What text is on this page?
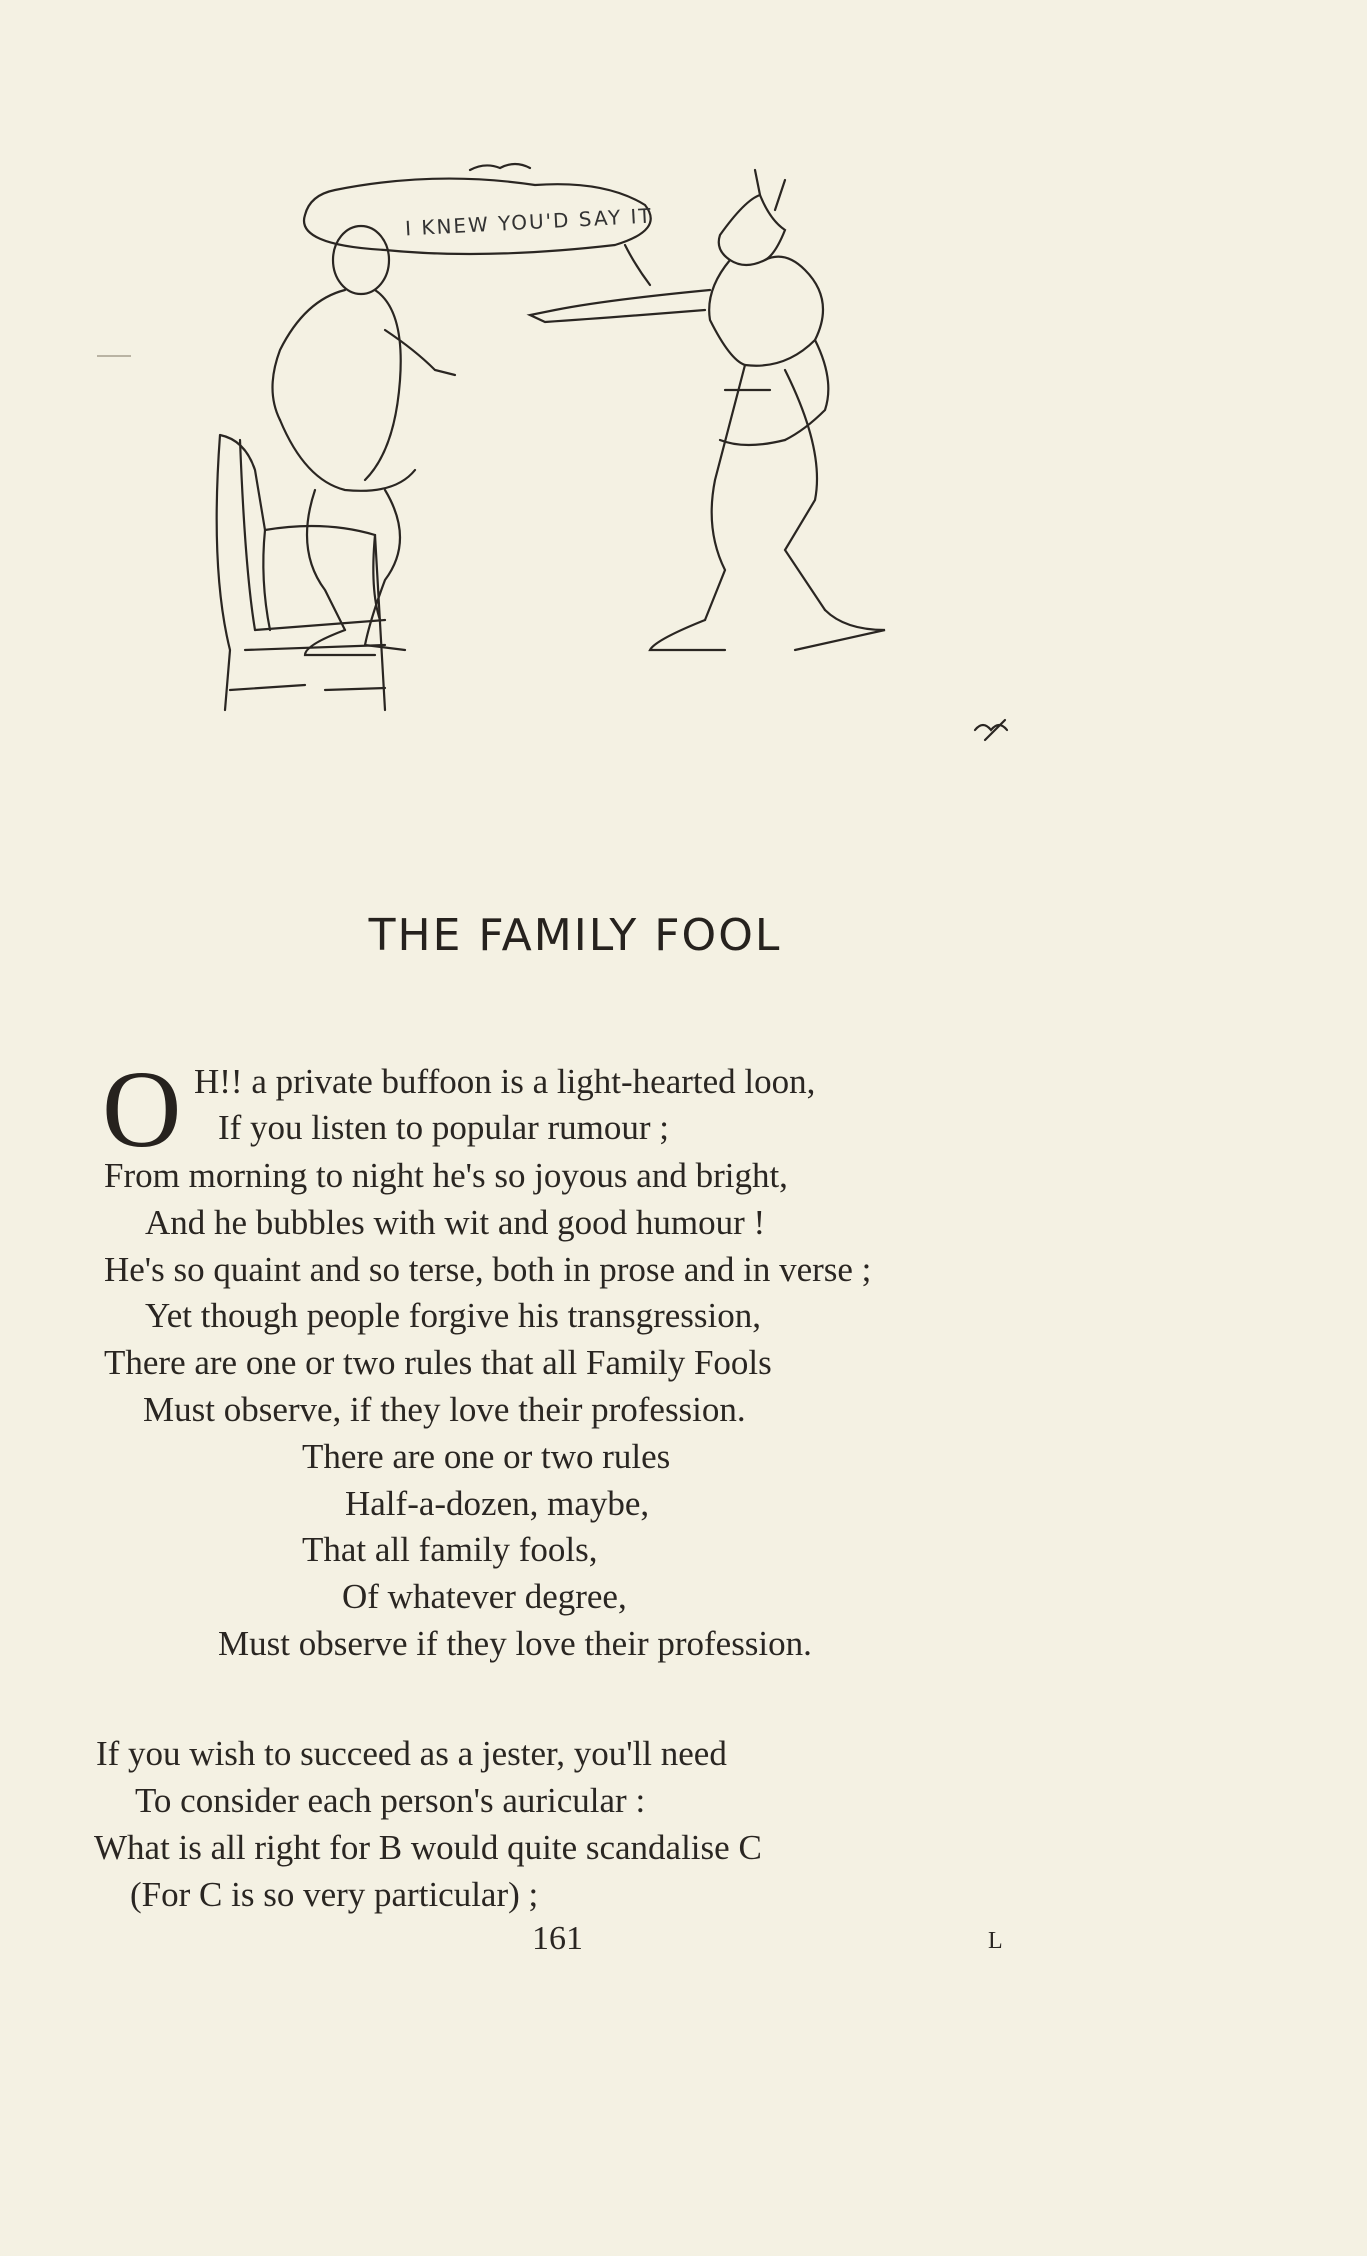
I KNEW YOU'D SAY IT
THE FAMILY FOOL
O H!! a private buffoon is a light-hearted loon,
If you listen to popular rumour ;
From morning to night he's so joyous and bright,
And he bubbles with wit and good humour !
He's so quaint and so terse, both in prose and in verse ;
Yet though people forgive his transgression,
There are one or two rules that all Family Fools
Must observe, if they love their profession.
There are one or two rules
Half-a-dozen, maybe,
That all family fools,
Of whatever degree,
Must observe if they love their profession.
If you wish to succeed as a jester, you'll need
To consider each person's auricular :
What is all right for B would quite scandalise C
(For C is so very particular) ;
161	L
